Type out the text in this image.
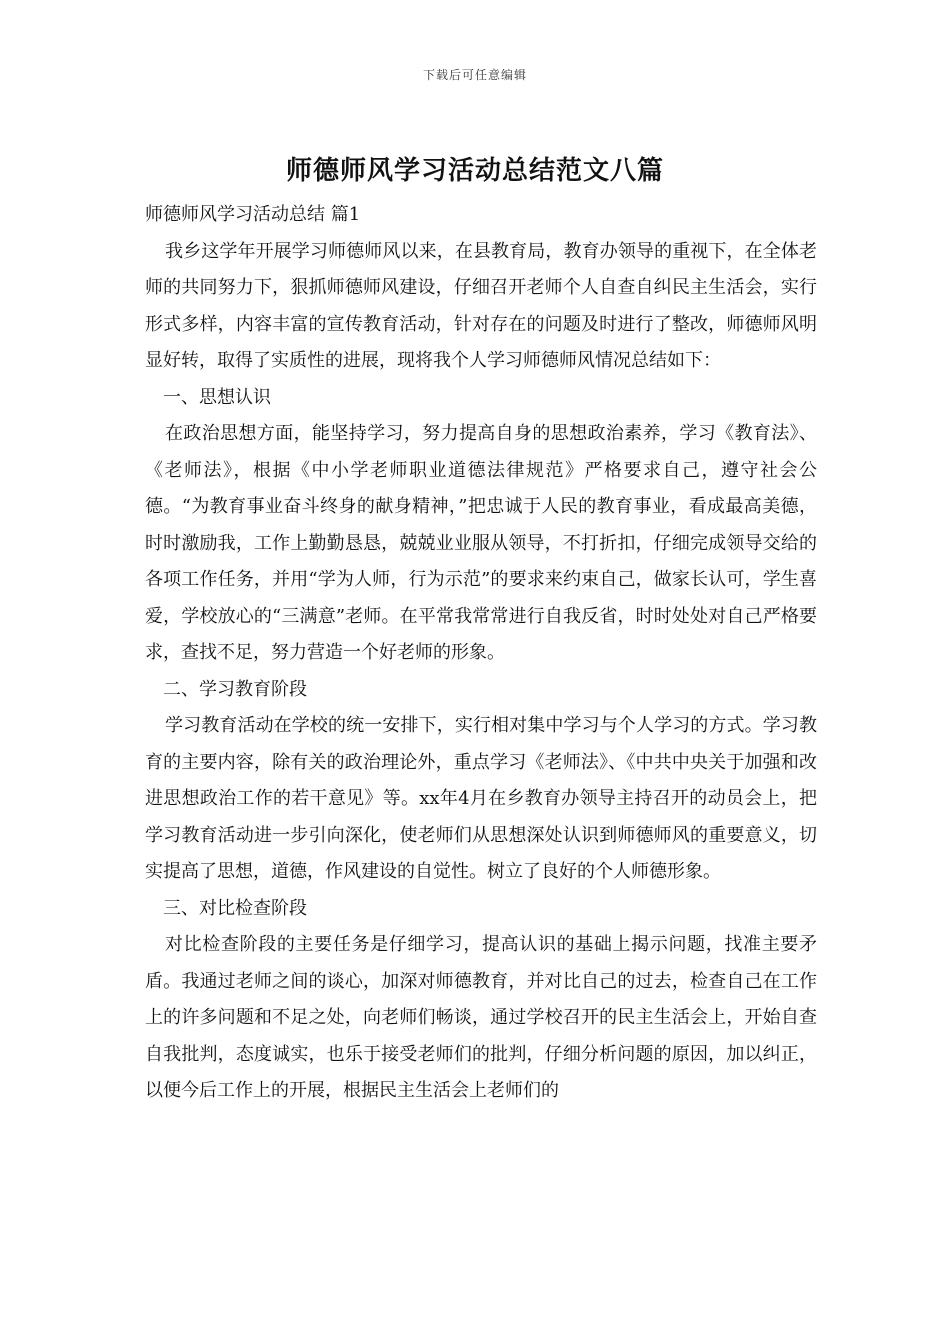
下载后可任意编辑
师德师风学习活动总结范文八篇

师德师风学习活动总结 篇1

我乡这学年开展学习师德师风以来，在县教育局，教育办领导的重视下，在全体老师的共同努力下，狠抓师德师风建设，仔细召开老师个人自查自纠民主生活会，实行形式多样，内容丰富的宣传教育活动，针对存在的问题及时进行了整改，师德师风明显好转，取得了实质性的进展，现将我个人学习师德师风情况总结如下：

一、思想认识

在政治思想方面，能坚持学习，努力提高自身的思想政治素养，学习《教育法》、《老师法》，根据《中小学老师职业道德法律规范》严格要求自己，遵守社会公德。“为教育事业奋斗终身的献身精神，”把忠诚于人民的教育事业，看成最高美德，时时激励我，工作上勤勤恳恳，兢兢业业服从领导，不打折扣，仔细完成领导交给的各项工作任务，并用“学为人师，行为示范”的要求来约束自己，做家长认可，学生喜爱，学校放心的“三满意”老师。在平常我常常进行自我反省，时时处处对自己严格要求，查找不足，努力营造一个好老师的形象。

二、学习教育阶段

学习教育活动在学校的统一安排下，实行相对集中学习与个人学习的方式。学习教育的主要内容，除有关的政治理论外，重点学习《老师法》、《中共中央关于加强和改进思想政治工作的若干意见》等。xx年4月在乡教育办领导主持召开的动员会上，把学习教育活动进一步引向深化，使老师们从思想深处认识到师德师风的重要意义，切实提高了思想，道德，作风建设的自觉性。树立了良好的个人师德形象。

三、对比检查阶段

对比检查阶段的主要任务是仔细学习，提高认识的基础上揭示问题，找准主要矛盾。我通过老师之间的谈心，加深对师德教育，并对比自己的过去，检查自己在工作上的许多问题和不足之处，向老师们畅谈，通过学校召开的民主生活会上，开始自查自我批判，态度诚实，也乐于接受老师们的批判，仔细分析问题的原因，加以纠正，以便今后工作上的开展，根据民主生活会上老师们的
